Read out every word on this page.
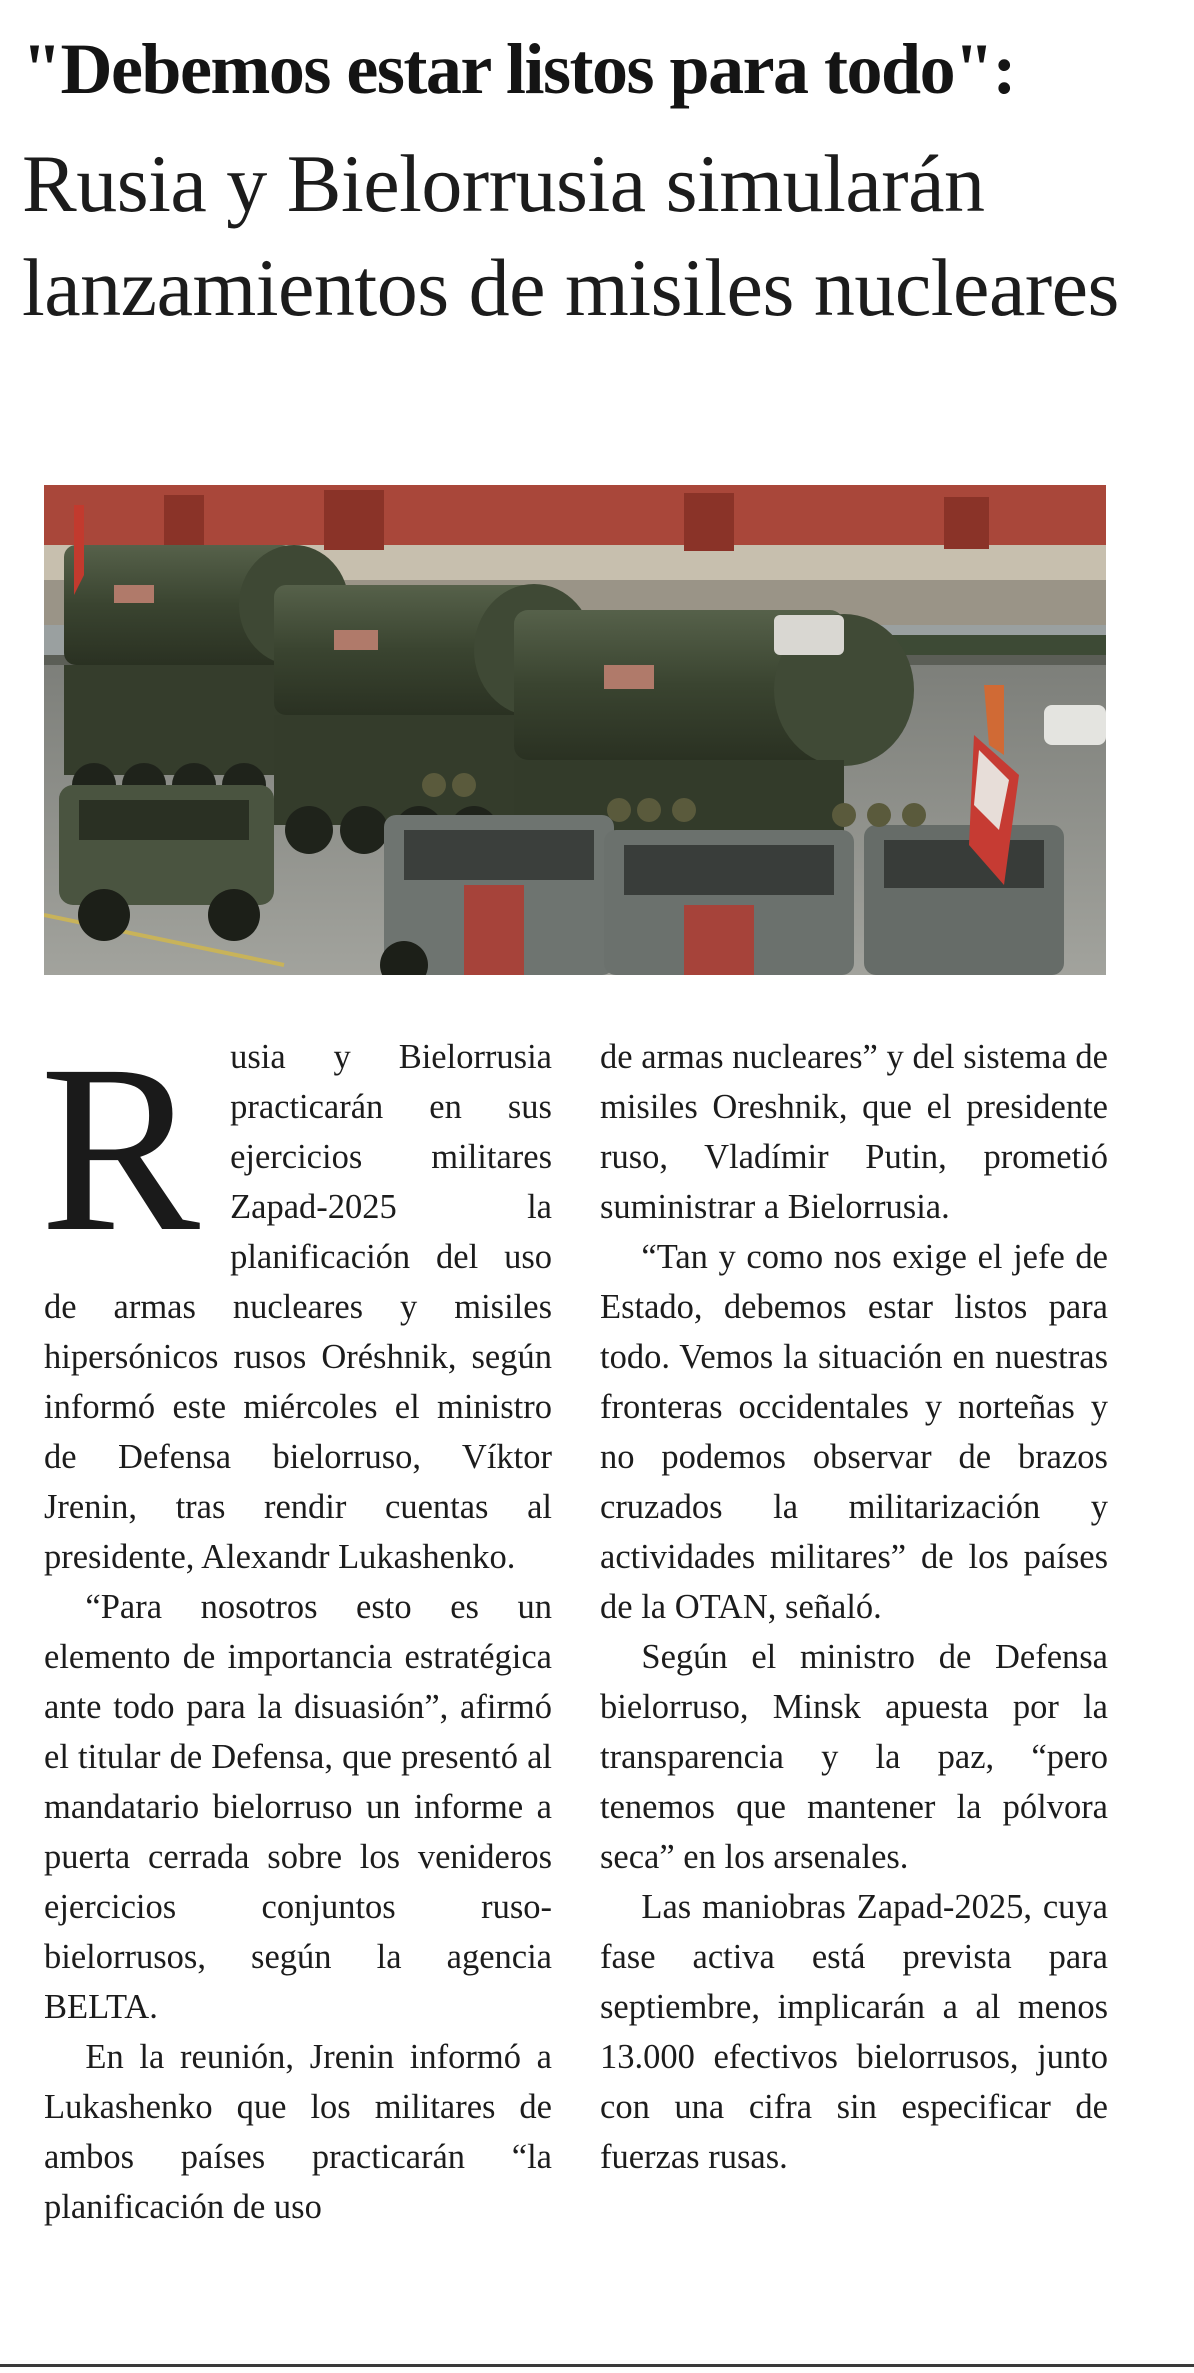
"Debemos estar listos para todo":
Rusia y Bielorrusia simularán lanzamientos de misiles nucleares

Rusia y Bielorrusia practicarán en sus ejercicios militares Zapad-2025 la planificación del uso de armas nucleares y misiles hipersónicos rusos Oréshnik, según informó este miércoles el ministro de Defensa bielorruso, Víktor Jrenin, tras rendir cuentas al presidente, Alexandr Lukashenko.

“Para nosotros esto es un elemento de importancia estratégica ante todo para la disuasión”, afirmó el titular de Defensa, que presentó al mandatario bielorruso un informe a puerta cerrada sobre los venideros ejercicios conjuntos ruso-bielorrusos, según la agencia BELTA.

En la reunión, Jrenin informó a Lukashenko que los militares de ambos países practicarán “la planificación de uso

de armas nucleares” y del sistema de misiles Oreshnik, que el presidente ruso, Vladímir Putin, prometió suministrar a Bielorrusia.

“Tan y como nos exige el jefe de Estado, debemos estar listos para todo. Vemos la situación en nuestras fronteras occidentales y norteñas y no podemos observar de brazos cruzados la militarización y actividades militares” de los países de la OTAN, señaló.

Según el ministro de Defensa bielorruso, Minsk apuesta por la transparencia y la paz, “pero tenemos que mantener la pólvora seca” en los arsenales.

Las maniobras Zapad-2025, cuya fase activa está prevista para septiembre, implicarán a al menos 13.000 efectivos bielorrusos, junto con una cifra sin especificar de fuerzas rusas.
